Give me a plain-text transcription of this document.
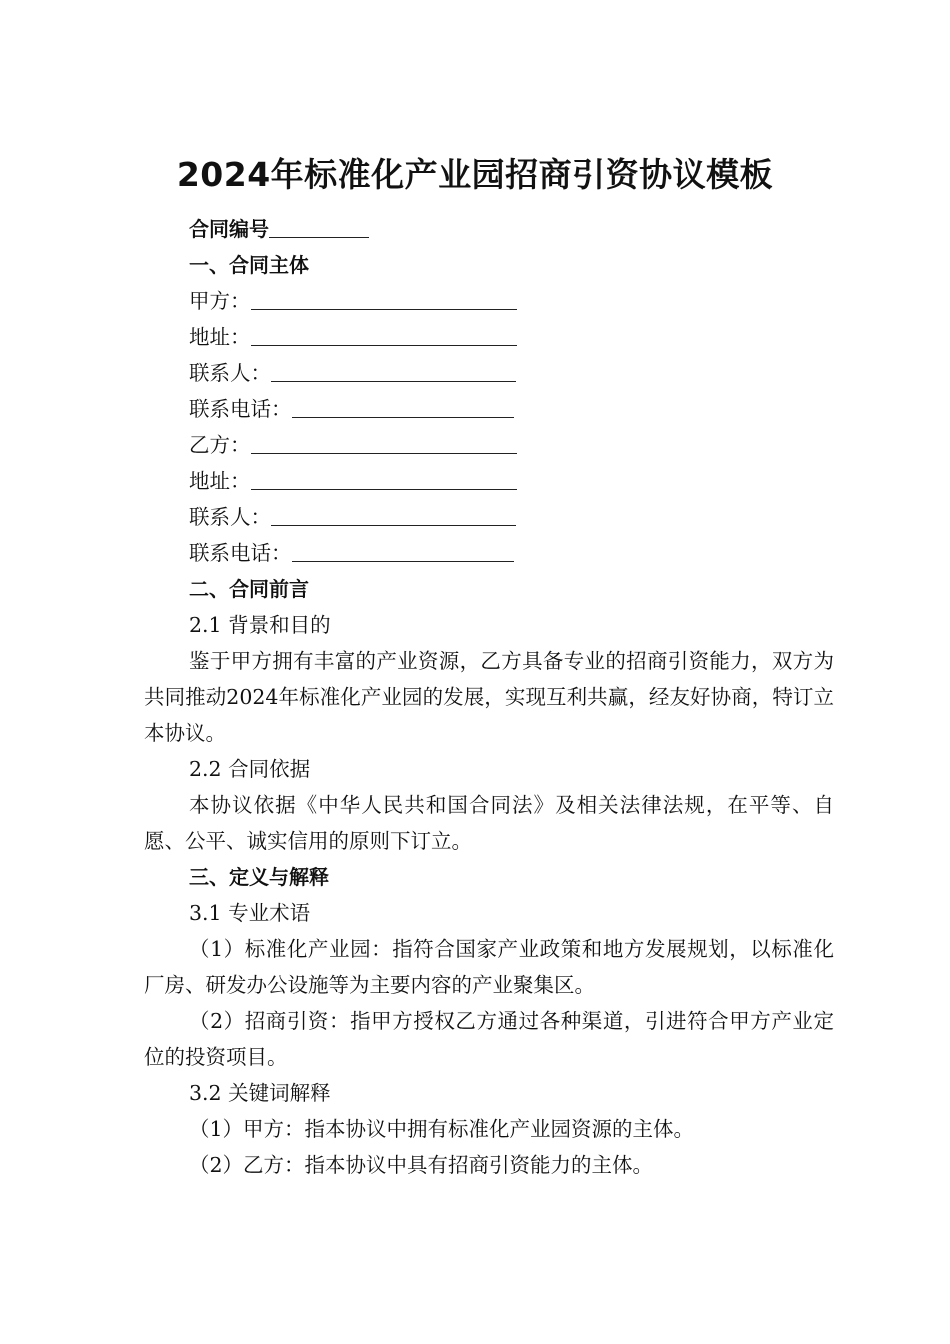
2024年标准化产业园招商引资协议模板

合同编号

一、合同主体

甲方：

地址：

联系人：

联系电话：

乙方：

地址：

联系人：

联系电话：

二、合同前言

2.1 背景和目的

鉴于甲方拥有丰富的产业资源，乙方具备专业的招商引资能力，双方为共同推动2024年标准化产业园的发展，实现互利共赢，经友好协商，特订立本协议。

2.2 合同依据

本协议依据《中华人民共和国合同法》及相关法律法规，在平等、自愿、公平、诚实信用的原则下订立。

三、定义与解释

3.1 专业术语

（1）标准化产业园：指符合国家产业政策和地方发展规划，以标准化厂房、研发办公设施等为主要内容的产业聚集区。

（2）招商引资：指甲方授权乙方通过各种渠道，引进符合甲方产业定位的投资项目。

3.2 关键词解释

（1）甲方：指本协议中拥有标准化产业园资源的主体。

（2）乙方：指本协议中具有招商引资能力的主体。
